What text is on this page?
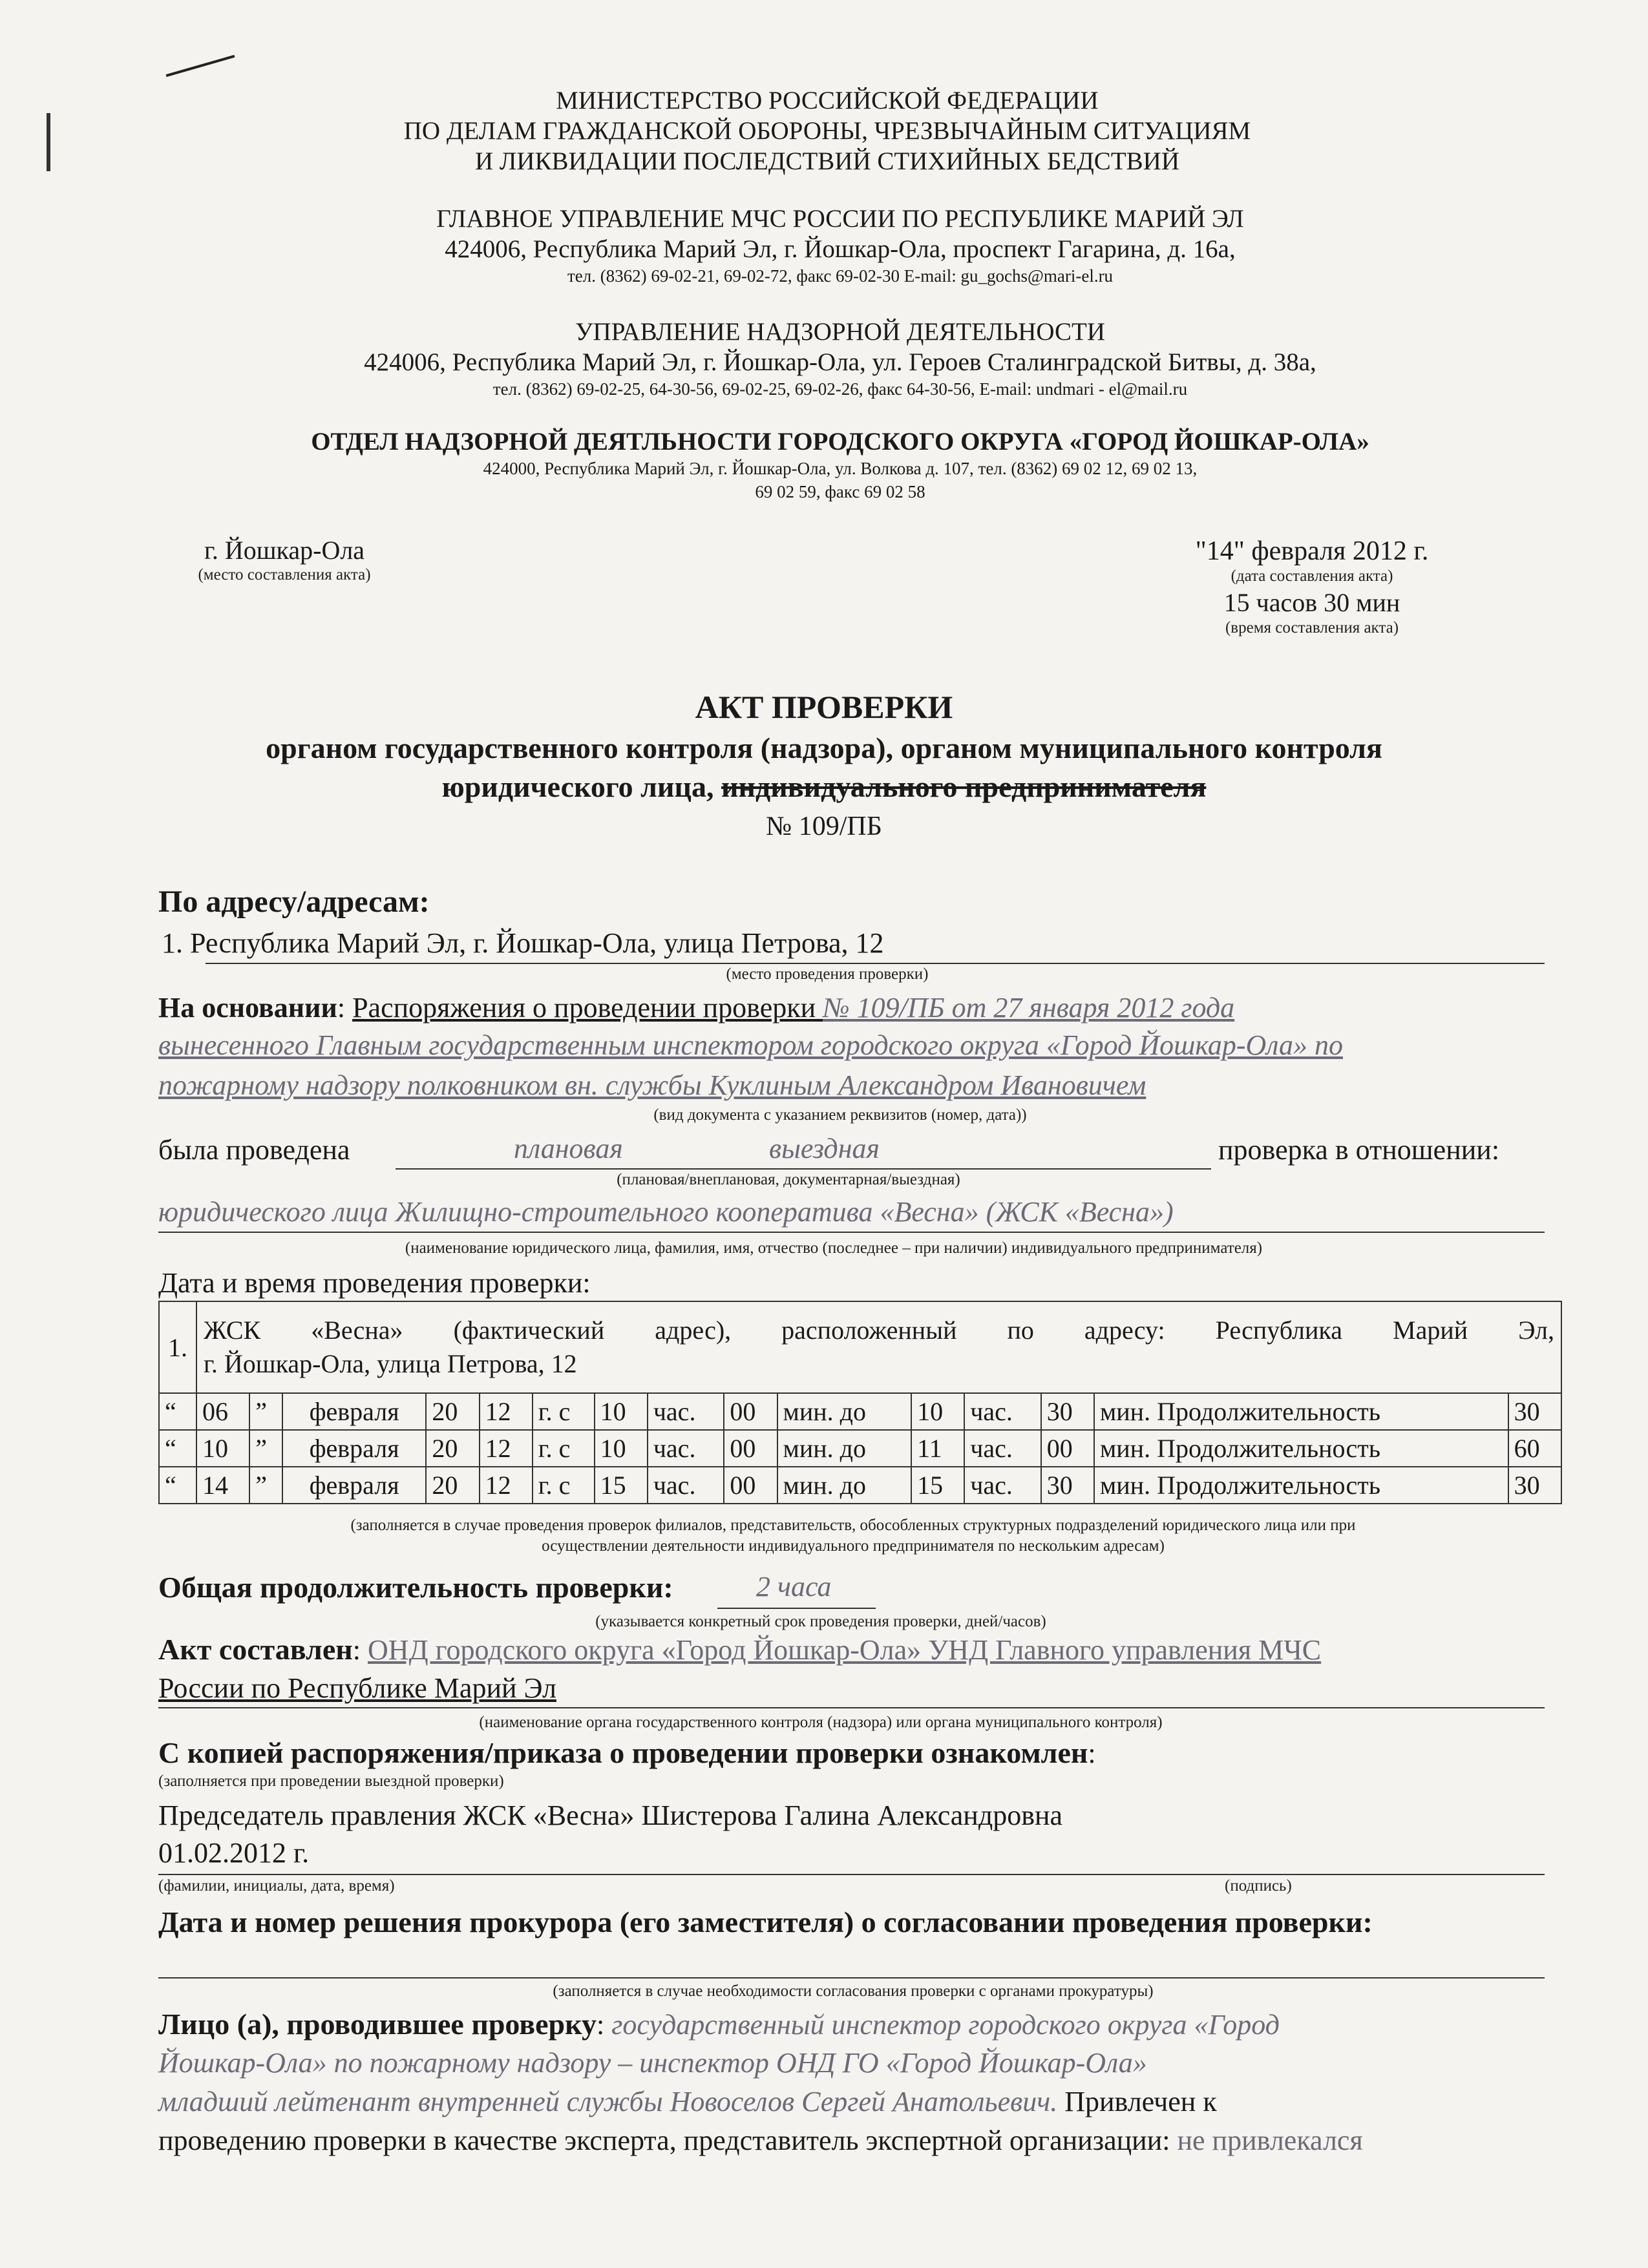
МИНИСТЕРСТВО РОССИЙСКОЙ ФЕДЕРАЦИИ
ПО ДЕЛАМ ГРАЖДАНСКОЙ ОБОРОНЫ, ЧРЕЗВЫЧАЙНЫМ СИТУАЦИЯМ
И ЛИКВИДАЦИИ ПОСЛЕДСТВИЙ СТИХИЙНЫХ БЕДСТВИЙ
ГЛАВНОЕ УПРАВЛЕНИЕ МЧС РОССИИ ПО РЕСПУБЛИКЕ МАРИЙ ЭЛ
424006, Республика Марий Эл, г. Йошкар-Ола, проспект Гагарина, д. 16а,
тел. (8362) 69-02-21, 69-02-72, факс 69-02-30 E-mail: gu_gochs@mari-el.ru
УПРАВЛЕНИЕ НАДЗОРНОЙ ДЕЯТЕЛЬНОСТИ
424006, Республика Марий Эл, г. Йошкар-Ола, ул. Героев Сталинградской Битвы, д. 38а,
тел. (8362) 69-02-25, 64-30-56, 69-02-25, 69-02-26, факс 64-30-56, E-mail: undmari - el@mail.ru
ОТДЕЛ НАДЗОРНОЙ ДЕЯТЛЬНОСТИ ГОРОДСКОГО ОКРУГА «ГОРОД ЙОШКАР-ОЛА»
424000, Республика Марий Эл, г. Йошкар-Ола, ул. Волкова д. 107, тел. (8362) 69 02 12, 69 02 13,
69 02 59, факс 69 02 58
г. Йошкар-Ола
(место составления акта)
"14" февраля 2012 г.
(дата составления акта)
15 часов 30 мин
(время составления акта)
АКТ ПРОВЕРКИ
органом государственного контроля (надзора), органом муниципального контроля
юридического лица, индивидуального предпринимателя
№ 109/ПБ
По адресу/адресам:
1. Республика Марий Эл, г. Йошкар-Ола, улица Петрова, 12
(место проведения проверки)
На основании: Распоряжения о проведении проверки № 109/ПБ от 27 января 2012 года
вынесенного Главным государственным инспектором городского округа «Город Йошкар-Ола» по
пожарному надзору полковником вн. службы Куклиным Александром Ивановичем
(вид документа с указанием реквизитов (номер, дата))
была проведена	плановая	выездная	проверка в отношении:
(плановая/внеплановая, документарная/выездная)
юридического лица Жилищно-строительного кооператива «Весна» (ЖСК «Весна»)
(наименование юридического лица, фамилия, имя, отчество (последнее – при наличии) индивидуального предпринимателя)
Дата и время проведения проверки:
1.	ЖСК «Весна» (фактический адрес), расположенный по адресу: Республика Марий Эл,
г. Йошкар-Ола, улица Петрова, 12														

“	06	”	февраля	20	12	г. с	10	час.	00	мин. до	10	час.	30	мин. Продолжительность	30
“	10	”	февраля	20	12	г. с	10	час.	00	мин. до	11	час.	00	мин. Продолжительность	60
“	14	”	февраля	20	12	г. с	15	час.	00	мин. до	15	час.	30	мин. Продолжительность	30
(заполняется в случае проведения проверок филиалов, представительств, обособленных структурных подразделений юридического лица или при
осуществлении деятельности индивидуального предпринимателя по нескольким адресам)
Общая продолжительность проверки:	2 часа
(указывается конкретный срок проведения проверки, дней/часов)
Акт составлен: ОНД городского округа «Город Йошкар-Ола» УНД Главного управления МЧС
России по Республике Марий Эл
(наименование органа государственного контроля (надзора) или органа муниципального контроля)
С копией распоряжения/приказа о проведении проверки ознакомлен:
(заполняется при проведении выездной проверки)
Председатель правления ЖСК «Весна» Шистерова Галина Александровна
01.02.2012 г.
(фамилии, инициалы, дата, время)	(подпись)
Дата и номер решения прокурора (его заместителя) о согласовании проведения проверки:
(заполняется в случае необходимости согласования проверки с органами прокуратуры)
Лицо (а), проводившее проверку: государственный инспектор городского округа «Город
Йошкар-Ола» по пожарному надзору – инспектор ОНД ГО «Город Йошкар-Ола»
младший лейтенант внутренней службы Новоселов Сергей Анатольевич. Привлечен к
проведению проверки в качестве эксперта, представитель экспертной организации: не привлекался
